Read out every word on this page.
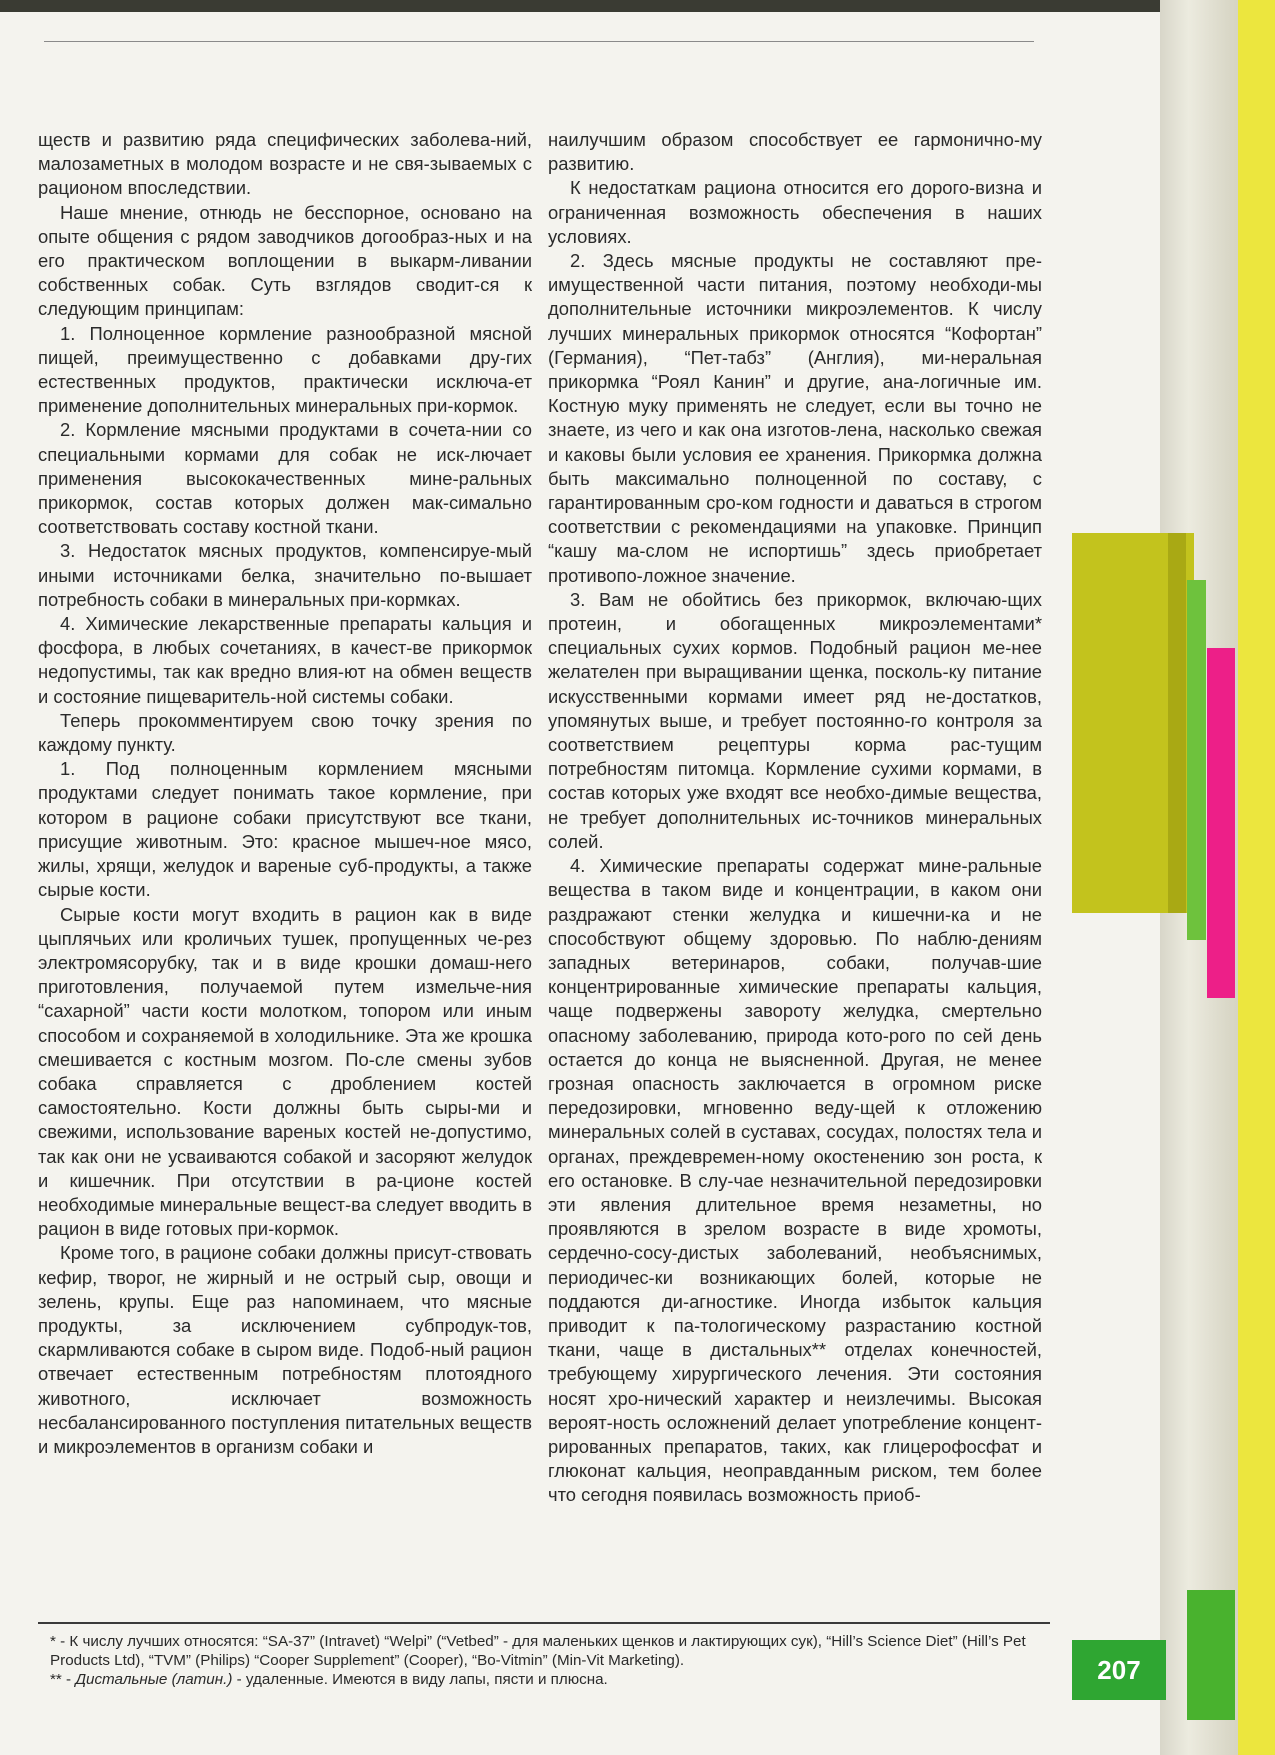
ществ и развитию ряда специфических заболева-ний, малозаметных в молодом возрасте и не свя-зываемых с рационом впоследствии.

Наше мнение, отнюдь не бесспорное, основано на опыте общения с рядом заводчиков догообраз-ных и на его практическом воплощении в выкарм-ливании собственных собак. Суть взглядов сводит-ся к следующим принципам:

1. Полноценное кормление разнообразной мясной пищей, преимущественно с добавками дру-гих естественных продуктов, практически исключа-ет применение дополнительных минеральных при-кормок.

2. Кормление мясными продуктами в сочета-нии со специальными кормами для собак не иск-лючает применения высококачественных мине-ральных прикормок, состав которых должен мак-симально соответствовать составу костной ткани.

3. Недостаток мясных продуктов, компенсируе-мый иными источниками белка, значительно по-вышает потребность собаки в минеральных при-кормках.

4. Химические лекарственные препараты кальция и фосфора, в любых сочетаниях, в качест-ве прикормок недопустимы, так как вредно влия-ют на обмен веществ и состояние пищеваритель-ной системы собаки.

Теперь прокомментируем свою точку зрения по каждому пункту.

1. Под полноценным кормлением мясными продуктами следует понимать такое кормление, при котором в рационе собаки присутствуют все ткани, присущие животным. Это: красное мышеч-ное мясо, жилы, хрящи, желудок и вареные суб-продукты, а также сырые кости.

Сырые кости могут входить в рацион как в виде цыплячьих или кроличьих тушек, пропущенных че-рез электромясорубку, так и в виде крошки домаш-него приготовления, получаемой путем измельче-ния “сахарной” части кости молотком, топором или иным способом и сохраняемой в холодильнике. Эта же крошка смешивается с костным мозгом. По-сле смены зубов собака справляется с дроблением костей самостоятельно. Кости должны быть сыры-ми и свежими, использование вареных костей не-допустимо, так как они не усваиваются собакой и засоряют желудок и кишечник. При отсутствии в ра-ционе костей необходимые минеральные вещест-ва следует вводить в рацион в виде готовых при-кормок.

Кроме того, в рационе собаки должны присут-ствовать кефир, творог, не жирный и не острый сыр, овощи и зелень, крупы. Еще раз напоминаем, что мясные продукты, за исключением субпродук-тов, скармливаются собаке в сыром виде. Подоб-ный рацион отвечает естественным потребностям плотоядного животного, исключает возможность несбалансированного поступления питательных веществ и микроэлементов в организм собаки и

наилучшим образом способствует ее гармонично-му развитию.

К недостаткам рациона относится его дорого-визна и ограниченная возможность обеспечения в наших условиях.

2. Здесь мясные продукты не составляют пре-имущественной части питания, поэтому необходи-мы дополнительные источники микроэлементов. К числу лучших минеральных прикормок относятся “Кофортан” (Германия), “Пет-табз” (Англия), ми-неральная прикормка “Роял Канин” и другие, ана-логичные им. Костную муку применять не следует, если вы точно не знаете, из чего и как она изготов-лена, насколько свежая и каковы были условия ее хранения. Прикормка должна быть максимально полноценной по составу, с гарантированным сро-ком годности и даваться в строгом соответствии с рекомендациями на упаковке. Принцип “кашу ма-слом не испортишь” здесь приобретает противопо-ложное значение.

3. Вам не обойтись без прикормок, включаю-щих протеин, и обогащенных микроэлементами* специальных сухих кормов. Подобный рацион ме-нее желателен при выращивании щенка, посколь-ку питание искусственными кормами имеет ряд не-достатков, упомянутых выше, и требует постоянно-го контроля за соответствием рецептуры корма рас-тущим потребностям питомца. Кормление сухими кормами, в состав которых уже входят все необхо-димые вещества, не требует дополнительных ис-точников минеральных солей.

4. Химические препараты содержат мине-ральные вещества в таком виде и концентрации, в каком они раздражают стенки желудка и кишечни-ка и не способствуют общему здоровью. По наблю-дениям западных ветеринаров, собаки, получав-шие концентрированные химические препараты кальция, чаще подвержены завороту желудка, смертельно опасному заболеванию, природа кото-рого по сей день остается до конца не выясненной. Другая, не менее грозная опасность заключается в огромном риске передозировки, мгновенно веду-щей к отложению минеральных солей в суставах, сосудах, полостях тела и органах, преждевремен-ному окостенению зон роста, к его остановке. В слу-чае незначительной передозировки эти явления длительное время незаметны, но проявляются в зрелом возрасте в виде хромоты, сердечно-сосу-дистых заболеваний, необъяснимых, периодичес-ки возникающих болей, которые не поддаются ди-агностике. Иногда избыток кальция приводит к па-тологическому разрастанию костной ткани, чаще в дистальных** отделах конечностей, требующему хирургического лечения. Эти состояния носят хро-нический характер и неизлечимы. Высокая вероят-ность осложнений делает употребление концент-рированных препаратов, таких, как глицерофосфат и глюконат кальция, неоправданным риском, тем более что сегодня появилась возможность приоб-

* - К числу лучших относятся: “SA-37” (Intravet) “Welpi” (“Vetbed” - для маленьких щенков и лактирующих сук), “Hill’s Science Diet” (Hill’s Pet Products Ltd), “TVM” (Philips) “Cooper Supplement” (Cooper), “Bo-Vitmin” (Min-Vit Marketing).

** - Дистальные (латин.) - удаленные. Имеются в виду лапы, пясти и плюсна.	207
